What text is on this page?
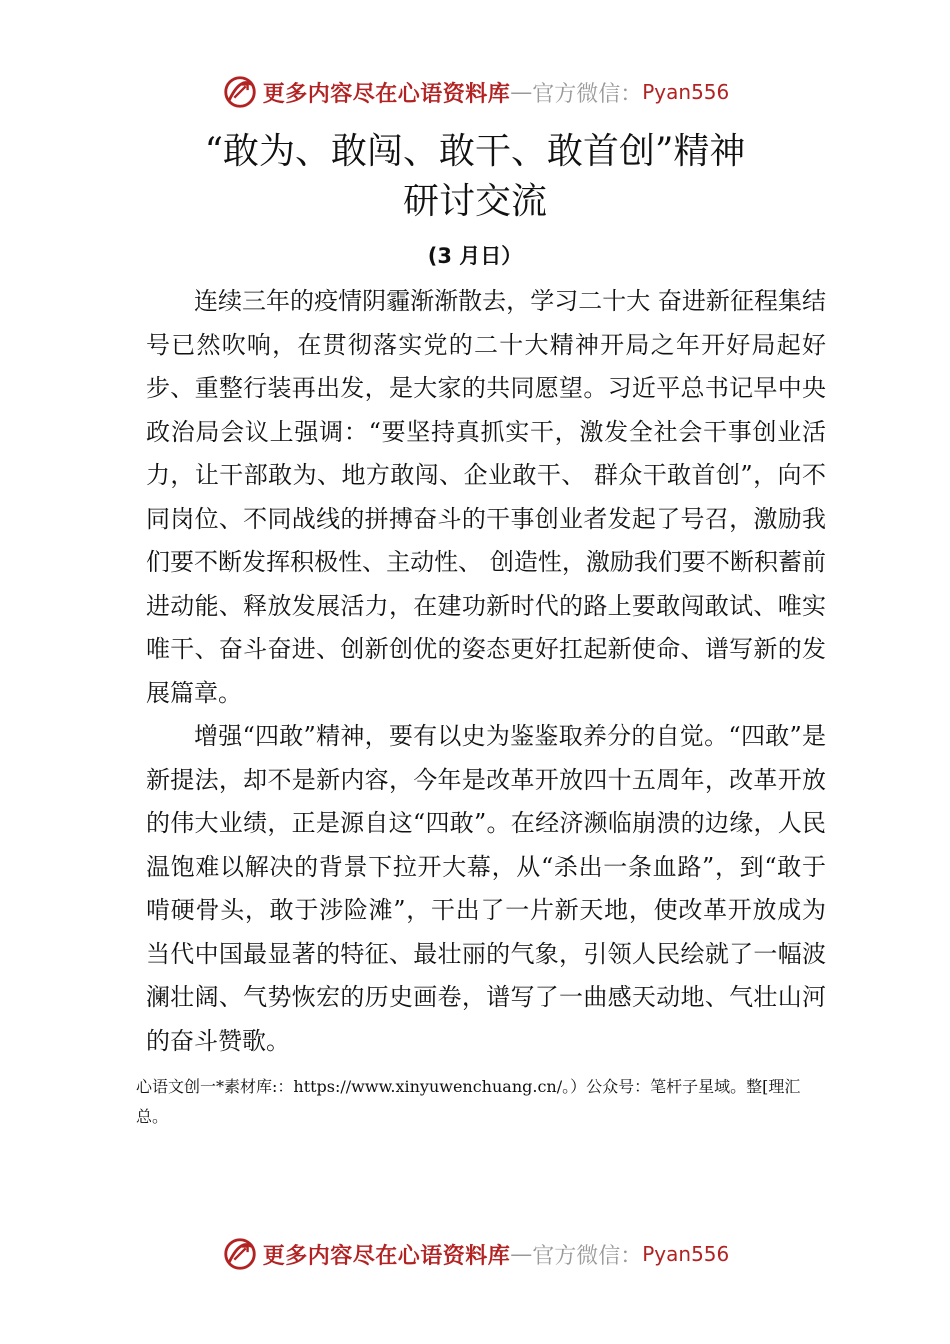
更多内容尽在心语资料库 — 官方微信： Pyan556
“敢为、敢闯、敢干、敢首创”精神
研讨交流
(3 月日）

连续三年的疫情阴霾渐渐散去，学习二十大 奋进新征程集结号已然吹响，在贯彻落实党的二十大精神开局之年开好局起好步、重整行装再出发，是大家的共同愿望。习近平总书记早中央政治局会议上强调：“要坚持真抓实干，激发全社会干事创业活力，让干部敢为、地方敢闯、企业敢干、 群众干敢首创”，向不同岗位、不同战线的拼搏奋斗的干事创业者发起了号召，激励我们要不断发挥积极性、主动性、 创造性，激励我们要不断积蓄前进动能、释放发展活力，在建功新时代的路上要敢闯敢试、唯实唯干、奋斗奋进、创新创优的姿态更好扛起新使命、谱写新的发展篇章。

增强“四敢”精神，要有以史为鉴鉴取养分的自觉。“四敢”是新提法，却不是新内容，今年是改革开放四十五周年，改革开放的伟大业绩，正是源自这“四敢”。在经济濒临崩溃的边缘，人民温饱难以解决的背景下拉开大幕，从“杀出一条血路”，到“敢于啃硬骨头，敢于涉险滩”，干出了一片新天地，使改革开放成为当代中国最显著的特征、最壮丽的气象，引领人民绘就了一幅波澜壮阔、气势恢宏的历史画卷，谱写了一曲感天动地、气壮山河的奋斗赞歌。

心语文创一*素材库:：https://www.xinyuwenchuang.cn/。）公众号：笔杆子星域。整[理汇总。
更多内容尽在心语资料库 — 官方微信： Pyan556
